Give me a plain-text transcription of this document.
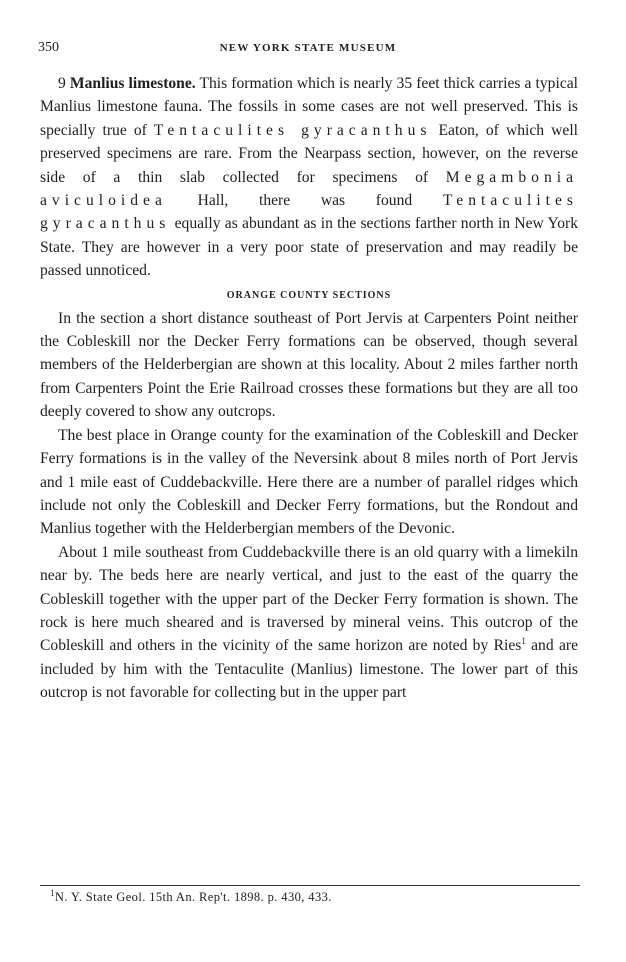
350	NEW YORK STATE MUSEUM

9 Manlius limestone. This formation which is nearly 35 feet thick carries a typical Manlius limestone fauna. The fossils in some cases are not well preserved. This is specially true of Tentaculites gyracanthus Eaton, of which well preserved specimens are rare. From the Nearpass section, however, on the reverse side of a thin slab collected for specimens of Megambonia aviculoidea Hall, there was found Tentaculites gyracanthus equally as abundant as in the sections farther north in New York State. They are however in a very poor state of preservation and may readily be passed unnoticed.

ORANGE COUNTY SECTIONS

In the section a short distance southeast of Port Jervis at Carpenters Point neither the Cobleskill nor the Decker Ferry formations can be observed, though several members of the Helderbergian are shown at this locality. About 2 miles farther north from Carpenters Point the Erie Railroad crosses these formations but they are all too deeply covered to show any outcrops.

The best place in Orange county for the examination of the Cobleskill and Decker Ferry formations is in the valley of the Neversink about 8 miles north of Port Jervis and 1 mile east of Cuddebackville. Here there are a number of parallel ridges which include not only the Cobleskill and Decker Ferry formations, but the Rondout and Manlius together with the Helderbergian members of the Devonic.

About 1 mile southeast from Cuddebackville there is an old quarry with a limekiln near by. The beds here are nearly vertical, and just to the east of the quarry the Cobleskill together with the upper part of the Decker Ferry formation is shown. The rock is here much sheared and is traversed by mineral veins. This outcrop of the Cobleskill and others in the vicinity of the same horizon are noted by Ries$^1$ and are included by him with the Tentaculite (Manlius) limestone. The lower part of this outcrop is not favorable for collecting but in the upper part

$^1$N. Y. State Geol. 15th An. Rep't. 1898. p. 430, 433.
